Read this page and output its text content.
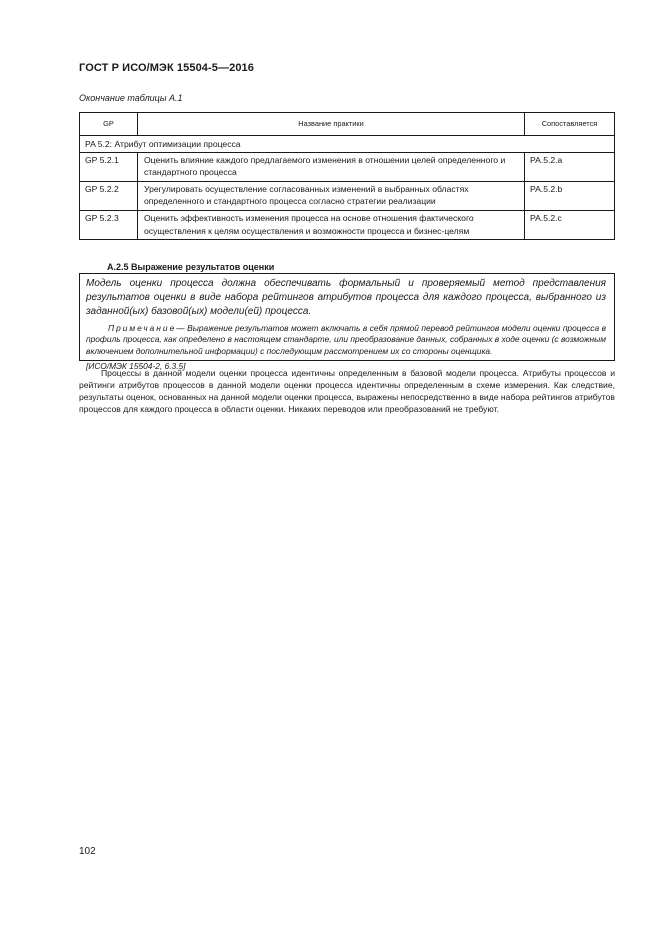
ГОСТ Р ИСО/МЭК 15504-5—2016
Окончание таблицы А.1
GP	Название практики	Сопоставляется
PA 5.2: Атрибут оптимизации процесса		
GP 5.2.1	Оценить влияние каждого предлагаемого изменения в отношении целей определенного и стандартного процесса	PA.5.2.a
GP 5.2.2	Урегулировать осуществление согласованных изменений в выбранных областях определенного и стандартного процесса согласно стратегии реализации	PA.5.2.b
GP 5.2.3	Оценить эффективность изменения процесса на основе отношения фактического осуществления к целям осуществления и возможности процесса и бизнес-целям	PA.5.2.c
А.2.5 Выражение результатов оценки

Модель оценки процесса должна обеспечивать формальный и проверяемый метод представления результатов оценки в виде набора рейтингов атрибутов процесса для каждого процесса, выбранного из заданной(ых) базовой(ых) модели(ей) процесса.

Примечание— Выражение результатов может включать в себя прямой перевод рейтингов модели оценки процесса в профиль процесса, как определено в настоящем стандарте, или преобразование данных, собранных в ходе оценки (с возможным включением дополнительной информации) с последующим рассмотрением их со стороны оценщика.

[ИСО/МЭК 15504-2, 6.3.5]

Процессы в данной модели оценки процесса идентичны определенным в базовой модели процесса. Атрибуты процессов и рейтинги атрибутов процессов в данной модели оценки процесса идентичны определенным в схеме измерения. Как следствие, результаты оценок, основанных на данной модели оценки процесса, выражены непосредственно в виде набора рейтингов атрибутов процессов для каждого процесса в области оценки. Никаких переводов или преобразований не требуют.

102
